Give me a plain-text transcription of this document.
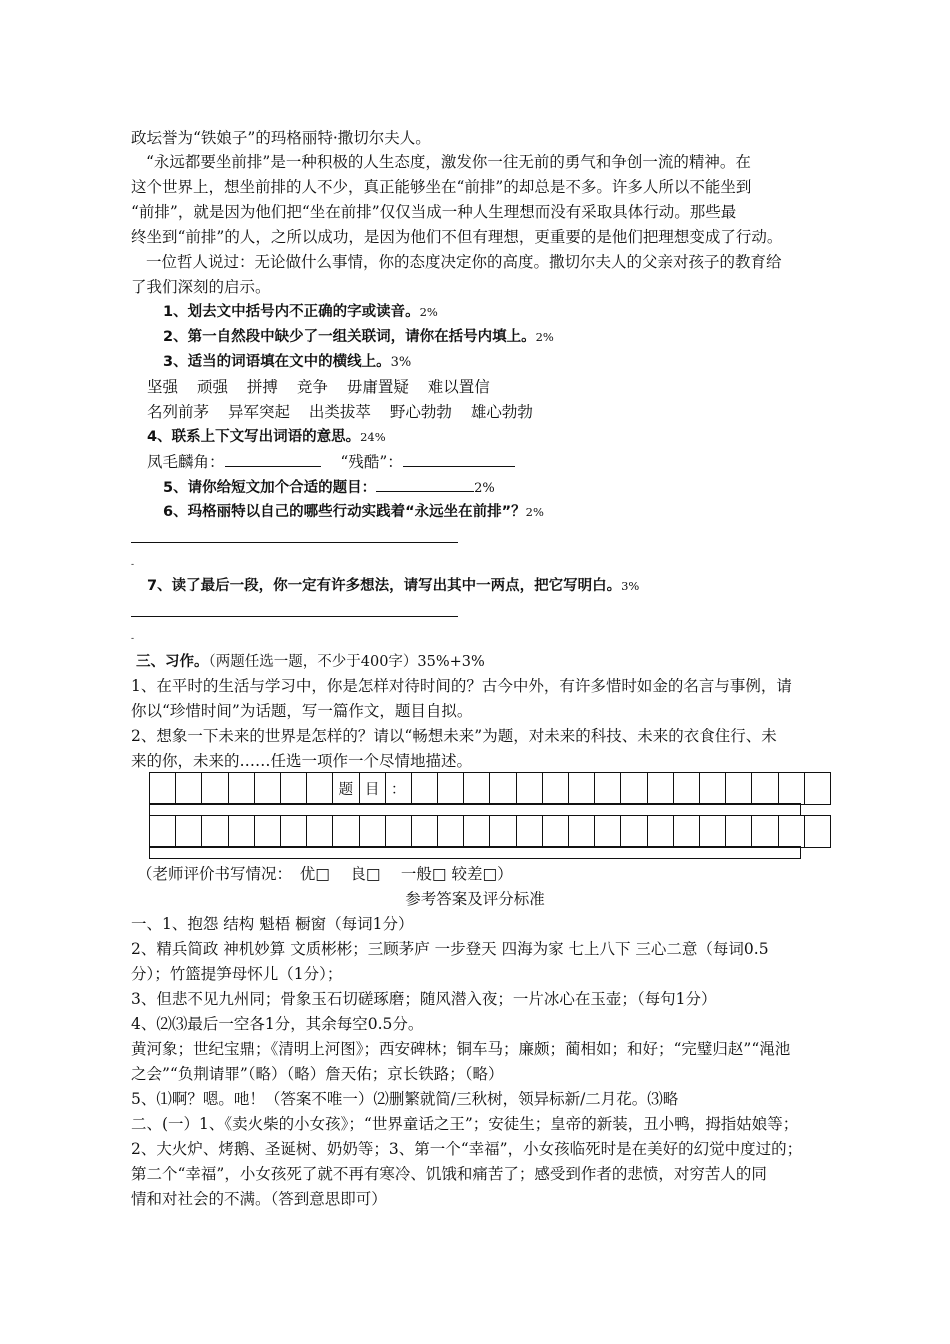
政坛誉为“铁娘子”的玛格丽特·撒切尔夫人。
“永远都要坐前排”是一种积极的人生态度，激发你一往无前的勇气和争创一流的精神。在
这个世界上，想坐前排的人不少，真正能够坐在“前排”的却总是不多。许多人所以不能坐到
“前排”，就是因为他们把“坐在前排”仅仅当成一种人生理想而没有采取具体行动。那些最
终坐到“前排”的人，之所以成功，是因为他们不但有理想，更重要的是他们把理想变成了行动。
一位哲人说过：无论做什么事情，你的态度决定你的高度。撒切尔夫人的父亲对孩子的教育给
了我们深刻的启示。
1、划去文中括号内不正确的字或读音。2%
2、第一自然段中缺少了一组关联词，请你在括号内填上。2%
3、适当的词语填在文中的横线上。3%
坚强 顽强 拼搏 竞争 毋庸置疑 难以置信
名列前茅 异军突起 出类拔萃 野心勃勃 雄心勃勃
4、联系上下文写出词语的意思。24%
凤毛麟角：	“残酷”：
5、请你给短文加个合适的题目：	2%
6、玛格丽特以自己的哪些行动实践着“永远坐在前排”？2%
-
7、读了最后一段，你一定有许多想法，请写出其中一两点，把它写明白。3%
-
三、习作。（两题任选一题，不少于400字）35%+3%
1、在平时的生活与学习中，你是怎样对待时间的？古今中外，有许多惜时如金的名言与事例，请
你以“珍惜时间”为话题，写一篇作文，题目自拟。
2、想象一下未来的世界是怎样的？请以“畅想未来”为题，对未来的科技、未来的衣食住行、未
来的你，未来的……任选一项作一个尽情地描述。
							题	目	：																

（老师评价书写情况：　优□　 良□　 一般□ 较差□）
参考答案及评分标准
一、1、抱怨 结构 魁梧 橱窗（每词1分）
2、精兵简政 神机妙算 文质彬彬；三顾茅庐 一步登天 四海为家 七上八下 三心二意（每词0.5
分）；竹篮提笋母怀儿（1分）；
3、但悲不见九州同；骨象玉石切磋琢磨；随风潜入夜；一片冰心在玉壶；（每句1分）
4、⑵⑶最后一空各1分，其余每空0.5分。
黄河象；世纪宝鼎；《清明上河图》；西安碑林；铜车马；廉颇；蔺相如；和好；“完璧归赵”“渑池
之会”“负荆请罪”（略）（略）詹天佑；京长铁路；（略）
5、⑴啊？嗯。吔！（答案不唯一）⑵删繁就简/三秋树，领异标新/二月花。⑶略
二、(一）1、《卖火柴的小女孩》；“世界童话之王”；安徒生；皇帝的新装，丑小鸭，拇指姑娘等；
2、大火炉、烤鹅、圣诞树、奶奶等；3、第一个“幸福”，小女孩临死时是在美好的幻觉中度过的；
第二个“幸福”，小女孩死了就不再有寒冷、饥饿和痛苦了；感受到作者的悲愤，对穷苦人的同
情和对社会的不满。（答到意思即可）
